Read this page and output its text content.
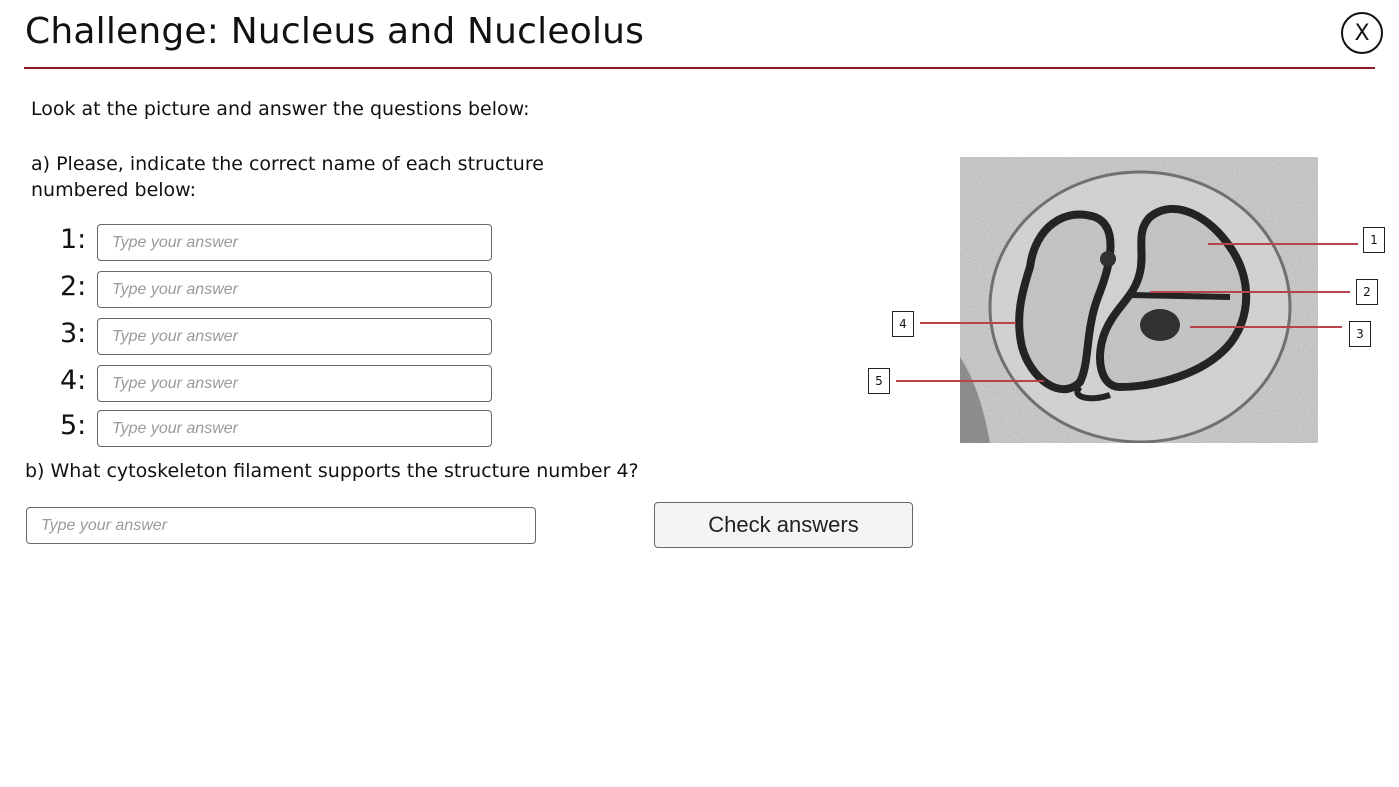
Challenge: Nucleus and Nucleolus	X
Look at the picture and answer the questions below:
a) Please, indicate the correct name of each structure numbered below:
1:
Type your answer
2:
Type your answer
3:
Type your answer
4:
Type your answer
5:
Type your answer
b) What cytoskeleton filament supports the structure number 4?
Type your answer
Check answers
1
2
3
4
5
